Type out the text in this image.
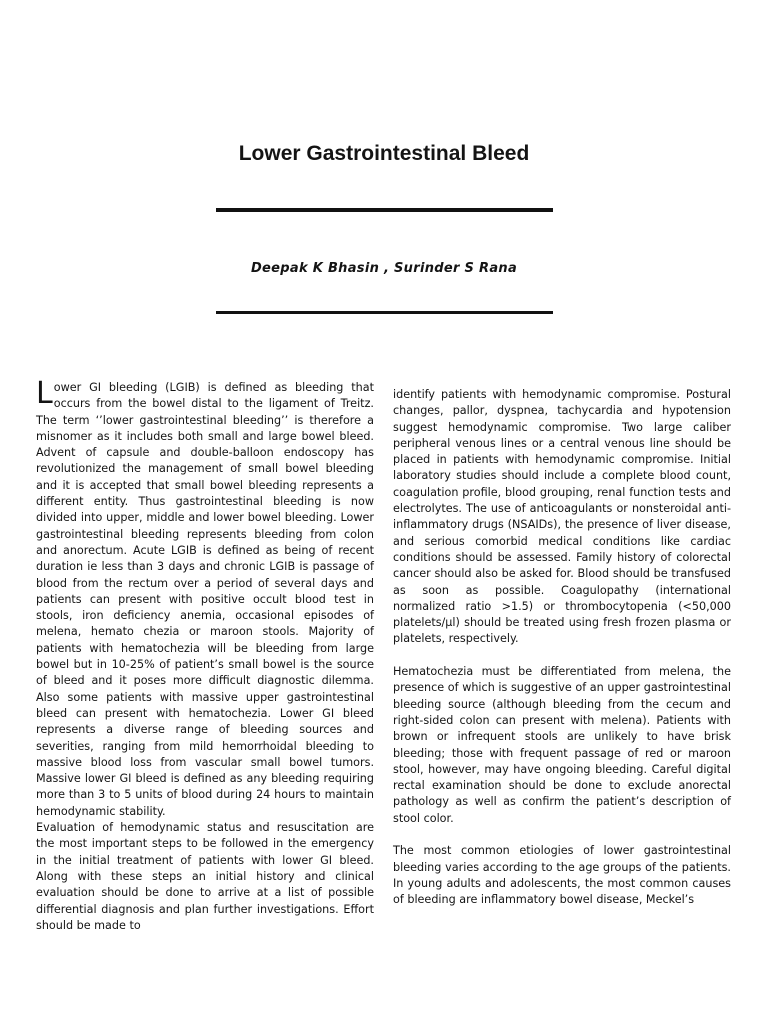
Lower Gastrointestinal Bleed
Deepak K Bhasin , Surinder S Rana

Lower GI bleeding (LGIB) is defined as bleeding that occurs from the bowel distal to the ligament of Treitz. The term ‘’lower gastrointestinal bleeding’’ is therefore a misnomer as it includes both small and large bowel bleed. Advent of capsule and double-balloon endoscopy has revolutionized the management of small bowel bleeding and it is accepted that small bowel bleeding represents a different entity. Thus gastrointestinal bleeding is now divided into upper, middle and lower bowel bleeding. Lower gastrointestinal bleeding represents bleeding from colon and anorectum. Acute LGIB is defined as being of recent duration ie less than 3 days and chronic LGIB is passage of blood from the rectum over a period of several days and patients can present with positive occult blood test in stools, iron deficiency anemia, occasional episodes of melena, hemato chezia or maroon stools. Majority of patients with hematochezia will be bleeding from large bowel but in 10-25% of patient’s small bowel is the source of bleed and it poses more difficult diagnostic dilemma. Also some patients with massive upper gastrointestinal bleed can present with hematochezia. Lower GI bleed represents a diverse range of bleeding sources and severities, ranging from mild hemorrhoidal bleeding to massive blood loss from vascular small bowel tumors. Massive lower GI bleed is defined as any bleeding requiring more than 3 to 5 units of blood during 24 hours to maintain hemodynamic stability.

Evaluation of hemodynamic status and resuscitation are the most important steps to be followed in the emergency in the initial treatment of patients with lower GI bleed. Along with these steps an initial history and clinical evaluation should be done to arrive at a list of possible differential diagnosis and plan further investigations. Effort should be made to

identify patients with hemodynamic compromise. Postural changes, pallor, dyspnea, tachycardia and hypotension suggest hemodynamic compromise. Two large caliber peripheral venous lines or a central venous line should be placed in patients with hemodynamic compromise. Initial laboratory studies should include a complete blood count, coagulation profile, blood grouping, renal function tests and electrolytes. The use of anticoagulants or nonsteroidal anti-inflammatory drugs (NSAIDs), the presence of liver disease, and serious comorbid medical conditions like cardiac conditions should be assessed. Family history of colorectal cancer should also be asked for. Blood should be transfused as soon as possible. Coagulopathy (international normalized ratio >1.5) or thrombocytopenia (<50,000 platelets/µl) should be treated using fresh frozen plasma or platelets, respectively.

Hematochezia must be differentiated from melena, the presence of which is suggestive of an upper gastrointestinal bleeding source (although bleeding from the cecum and right-sided colon can present with melena). Patients with brown or infrequent stools are unlikely to have brisk bleeding; those with frequent passage of red or maroon stool, however, may have ongoing bleeding. Careful digital rectal examination should be done to exclude anorectal pathology as well as confirm the patient’s description of stool color.

The most common etiologies of lower gastrointestinal bleeding varies according to the age groups of the patients. In young adults and adolescents, the most common causes of bleeding are inflammatory bowel disease, Meckel’s
